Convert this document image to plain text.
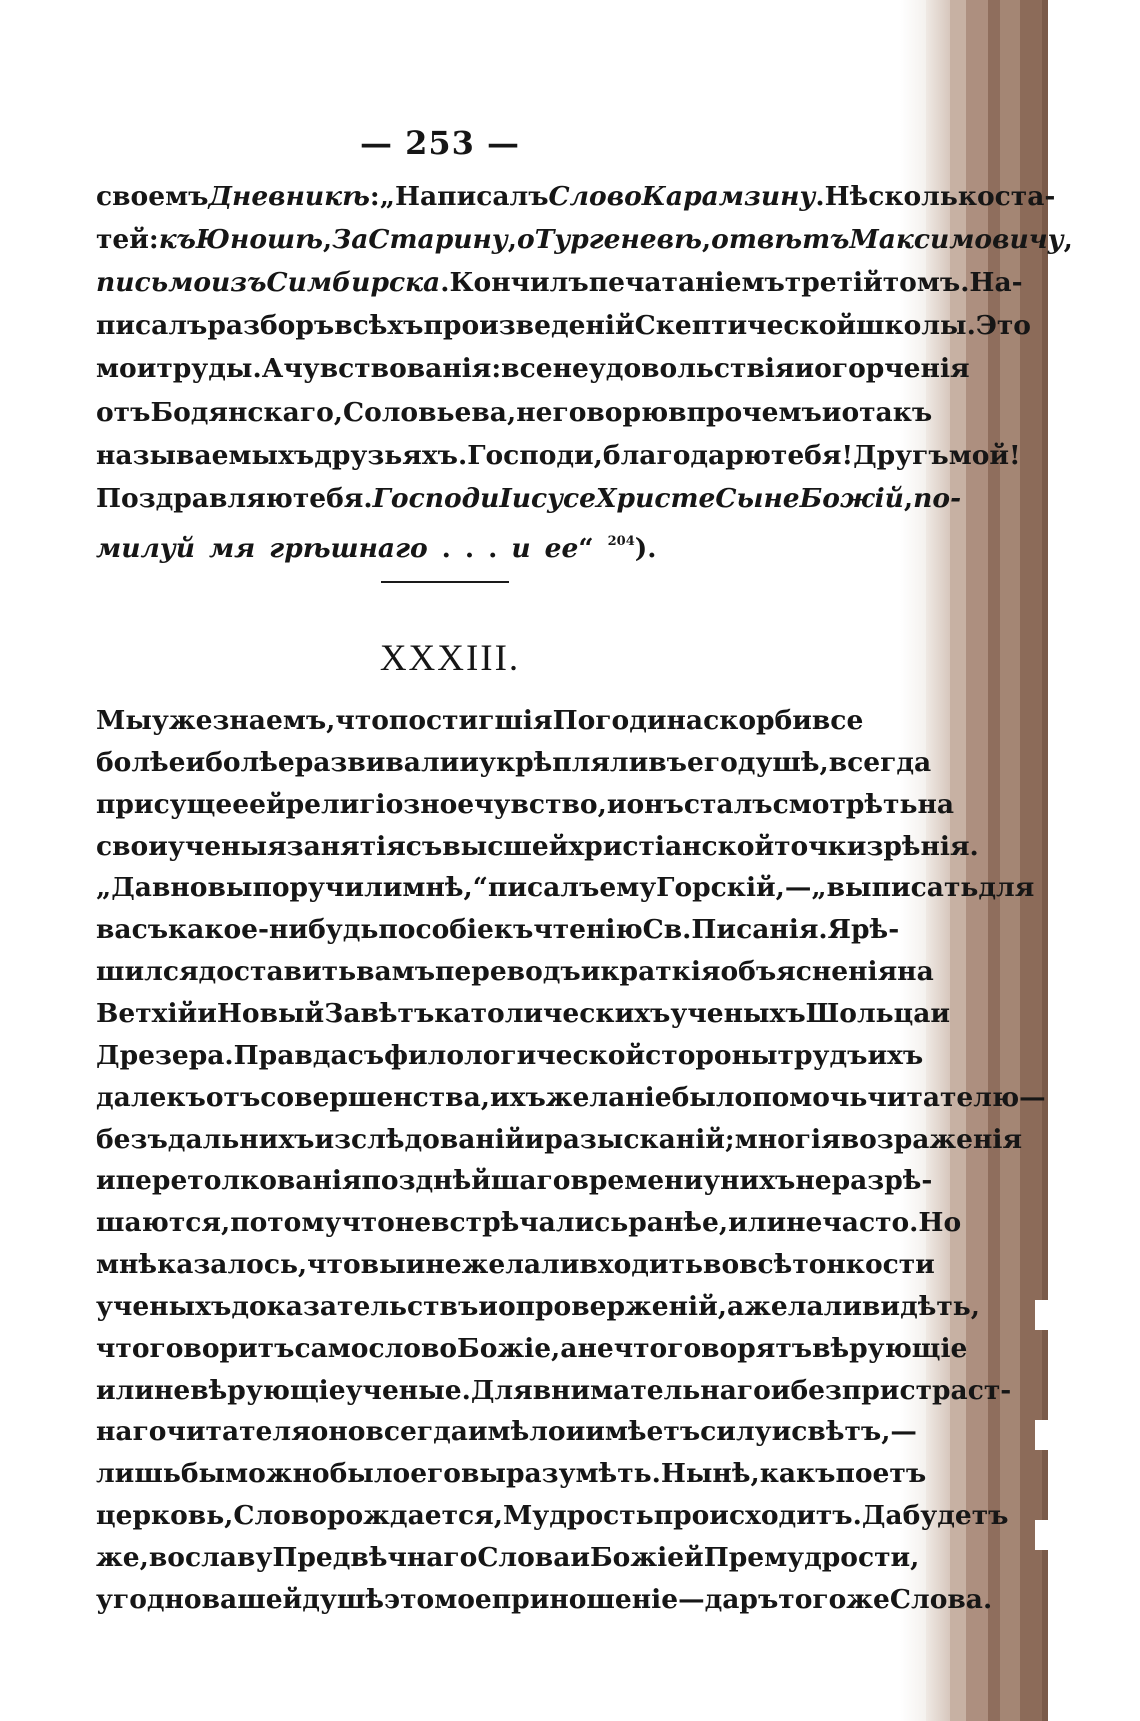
— 253 —
своемъ Дневникѣ: „Написалъ Слово Карамзину. Нѣсколько ста-
тей: къ Юношѣ, За Старину, о Тургеневѣ, отвѣтъ Максимовичу,
письмо изъ Симбирска. Кончилъ печатаніемъ третій томъ. На-
писалъ разборъ всѣхъ произведеній Скептической школы. Это
мои труды. А чувствованія: все неудовольствія и огорченія
отъ Бодянскаго, Соловьева, не говорю впрочемъ и о такъ
называемыхъ друзьяхъ. Господи, благодарю тебя! Другъ мой!
Поздравляю тебя. Господи Іисусе Христе Сыне Божій, по-
милуй мя грѣшнаго . . . и ее“ $^{204}$).
XXXIII.
Мы уже знаемъ, что постигшія Погодина скорби все
болѣе и болѣе развивали и укрѣпляли въ его душѣ, всегда
присущее ей религіозное чувство, и онъ сталъ смотрѣть на
свои ученыя занятія съ высшей христіанской точки зрѣнія.
„Давно вы поручили мнѣ,“ писалъ ему Горскій,—„выписать для
васъ какое-нибудь пособіе къ чтенію Св. Писанія. Я рѣ-
шился доставить вамъ переводъ и краткія объясненія на
Ветхій и Новый Завѣтъ католическихъ ученыхъ Шольца и
Дрезера. Правда съ филологической стороны трудъ ихъ
далекъ отъ совершенства, ихъ желаніе было помочь читателю—
безъ дальнихъ изслѣдованій и разысканій; многія возраженія
и перетолкованія позднѣйшаго времени у нихъ не разрѣ-
шаются, потому что не встрѣчались ранѣе, или не часто. Но
мнѣ казалось, что вы и не желали входить во всѣ тонкости
ученыхъ доказательствъ и опроверженій, а желали видѣть,
что говоритъ само слово Божіе, а не что говорятъ вѣрующіе
или не вѣрующіе ученые. Для внимательнаго и безпристраст-
наго читателя оно всегда имѣло и имѣетъ силу и свѣтъ,—
лишь бы можно было его выразумѣть. Нынѣ, какъ поетъ
церковь, Слово рождается, Мудрость происходитъ. Да будетъ
же, во славу Предвѣчнаго Слова и Божіей Премудрости,
угодно вашей душѣ это мое приношеніе—даръ того же Слова.
